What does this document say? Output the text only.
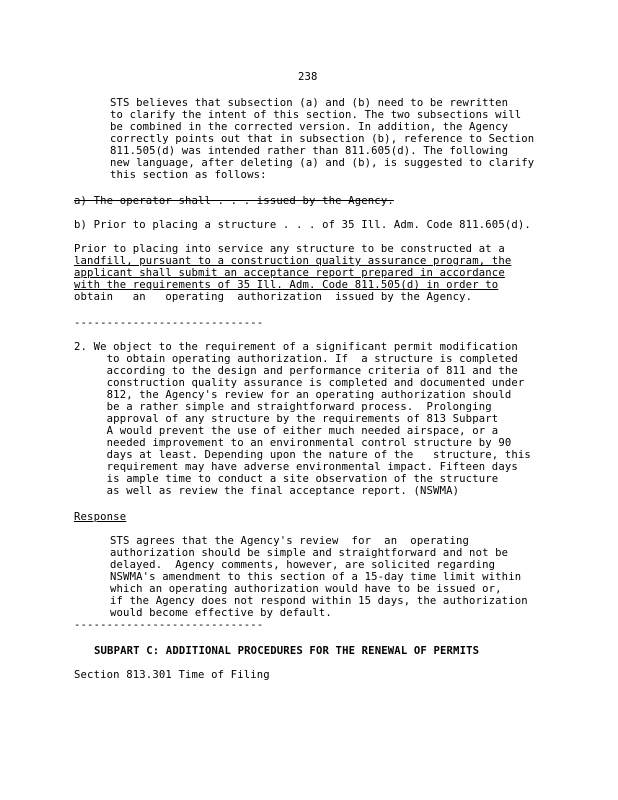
238
STS believes that subsection (a) and (b) need to be rewritten
to clarify the intent of this section. The two subsections will
be combined in the corrected version. In addition, the Agency
correctly points out that in subsection (b), reference to Section
811.505(d) was intended rather than 811.605(d). The following
new language, after deleting (a) and (b), is suggested to clarify
this section as follows:
a) The operator shall . . . issued by the Agency.
b) Prior to placing a structure . . . of 35 Ill. Adm. Code 811.605(d).
Prior to placing into service any structure to be constructed at a
landfill, pursuant to a construction quality assurance program, the
applicant shall submit an acceptance report prepared in accordance
with the requirements of 35 Ill. Adm. Code 811.505(d) in order to
obtain   an   operating  authorization  issued by the Agency.
-----------------------------
2. We object to the requirement of a significant permit modification
to obtain operating authorization. If  a structure is completed
according to the design and performance criteria of 811 and the
construction quality assurance is completed and documented under
812, the Agency's review for an operating authorization should
be a rather simple and straightforward process.  Prolonging
approval of any structure by the requirements of 813 Subpart
A would prevent the use of either much needed airspace, or a
needed improvement to an environmental control structure by 90
days at least. Depending upon the nature of the   structure, this
requirement may have adverse environmental impact. Fifteen days
is ample time to conduct a site observation of the structure
as well as review the final acceptance report. (NSWMA)
Response
STS agrees that the Agency's review  for  an  operating
authorization should be simple and straightforward and not be
delayed.  Agency comments, however, are solicited regarding
NSWMA's amendment to this section of a 15-day time limit within
which an operating authorization would have to be issued or,
if the Agency does not respond within 15 days, the authorization
would become effective by default.
-----------------------------
SUBPART C: ADDITIONAL PROCEDURES FOR THE RENEWAL OF PERMITS
Section 813.301 Time of Filing
